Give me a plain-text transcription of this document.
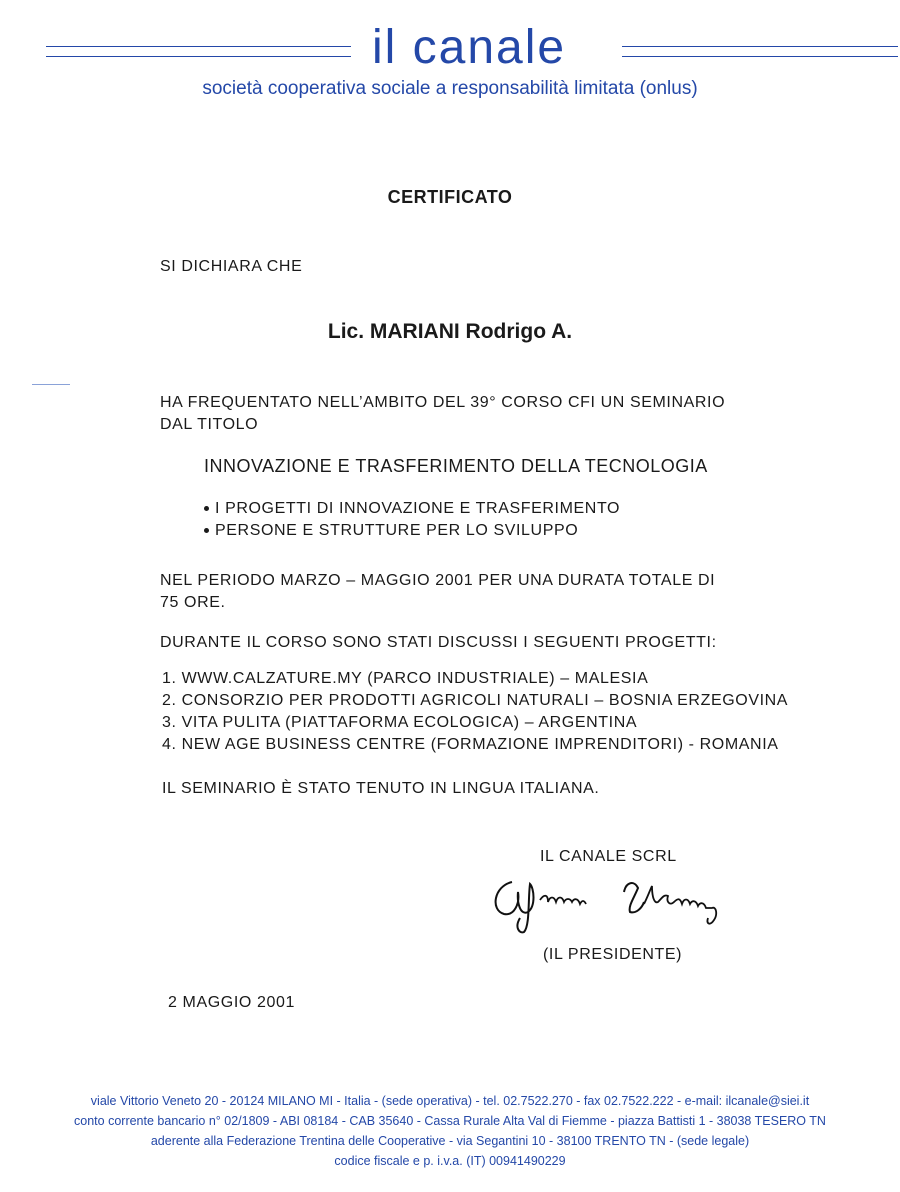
il canale
società cooperativa sociale a responsabilità limitata (onlus)
CERTIFICATO
SI DICHIARA CHE
Lic. MARIANI Rodrigo A.
HA FREQUENTATO NELL’AMBITO DEL 39° CORSO CFI UN SEMINARIO
DAL TITOLO
INNOVAZIONE E TRASFERIMENTO DELLA TECNOLOGIA
I PROGETTI DI INNOVAZIONE E TRASFERIMENTO
PERSONE E STRUTTURE PER LO SVILUPPO
NEL PERIODO MARZO – MAGGIO 2001 PER UNA DURATA TOTALE DI
75 ORE.
DURANTE IL CORSO SONO STATI DISCUSSI I SEGUENTI PROGETTI:
1. WWW.CALZATURE.MY (PARCO INDUSTRIALE) – MALESIA
2. CONSORZIO PER PRODOTTI AGRICOLI NATURALI – BOSNIA ERZEGOVINA
3. VITA PULITA (PIATTAFORMA ECOLOGICA) – ARGENTINA
4. NEW AGE BUSINESS CENTRE (FORMAZIONE IMPRENDITORI) - ROMANIA
IL SEMINARIO È STATO TENUTO IN LINGUA ITALIANA.
IL CANALE SCRL
(IL PRESIDENTE)
2 MAGGIO 2001
viale Vittorio Veneto 20 - 20124 MILANO MI - Italia - (sede operativa) - tel. 02.7522.270 - fax 02.7522.222 - e-mail: ilcanale@siei.it
conto corrente bancario n° 02/1809 - ABI 08184 - CAB 35640 - Cassa Rurale Alta Val di Fiemme - piazza Battisti 1 - 38038 TESERO TN
aderente alla Federazione Trentina delle Cooperative - via Segantini 10 - 38100 TRENTO TN - (sede legale)
codice fiscale e p. i.v.a. (IT) 00941490229
